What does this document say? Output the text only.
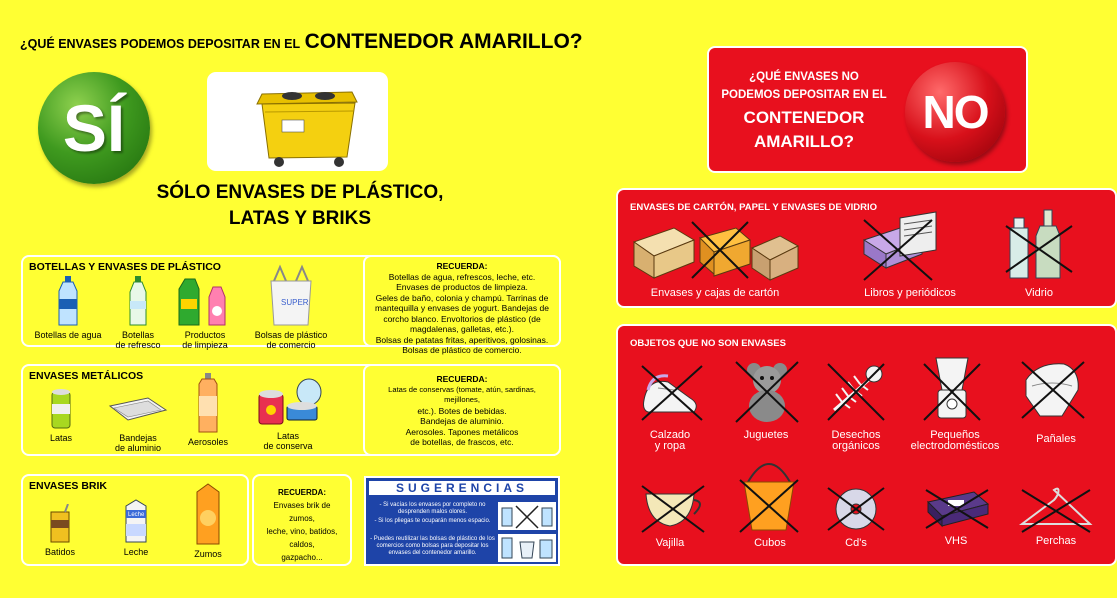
¿QUÉ ENVASES PODEMOS DEPOSITAR EN EL CONTENEDOR AMARILLO?
SÍ
SÓLO ENVASES DE PLÁSTICO,
LATAS Y BRIKS
BOTELLAS Y ENVASES DE PLÁSTICO
Botellas de agua	Botellas
de refresco
Productos
de limpieza
SUPER
Bolsas de plástico
de comercio
RECUERDA:
Botellas de agua, refrescos, leche, etc.
Envases de productos de limpieza.
Geles de baño, colonia y champú. Tarrinas de
mantequilla y envases de yogurt. Bandejas de
corcho blanco. Envoltorios de plástico (de
magdalenas, galletas, etc.).
Bolsas de patatas fritas, aperitivos, golosinas.
Bolsas de plástico de comercio.
ENVASES METÁLICOS
Latas	Bandejas
de aluminio
Aerosoles
Latas
de conserva
RECUERDA:
Latas de conservas (tomate, atún, sardinas, mejillones,
etc.). Botes de bebidas.
Bandejas de aluminio.
Aerosoles. Tapones metálicos
de botellas, de frascos, etc.
ENVASES BRIK
Batidos
Leche
Leche	Zumos
RECUERDA:
Envases brik de zumos,
leche, vino, batidos,
caldos,
gazpacho...
SUGERENCIAS
- Si vacías los envases por completo no desprenden malos olores.
- Si los pliegas te ocuparán menos espacio.
- Puedes reutilizar las bolsas de plástico de los comercios como bolsas para depositar los envases del contenedor amarillo.
¿QUÉ ENVASES NO
PODEMOS DEPOSITAR EN EL
CONTENEDOR
AMARILLO?
NO
ENVASES DE CARTÓN, PAPEL Y ENVASES DE VIDRIO
Envases y cajas de cartón	Libros y periódicos	Vidrio
OBJETOS QUE NO SON ENVASES
Calzado
y ropa
Juguetes	Desechos
orgánicos
Pequeños
electrodomésticos
Pañales
Vajilla	Cubos	Cd's	VHS	Perchas
